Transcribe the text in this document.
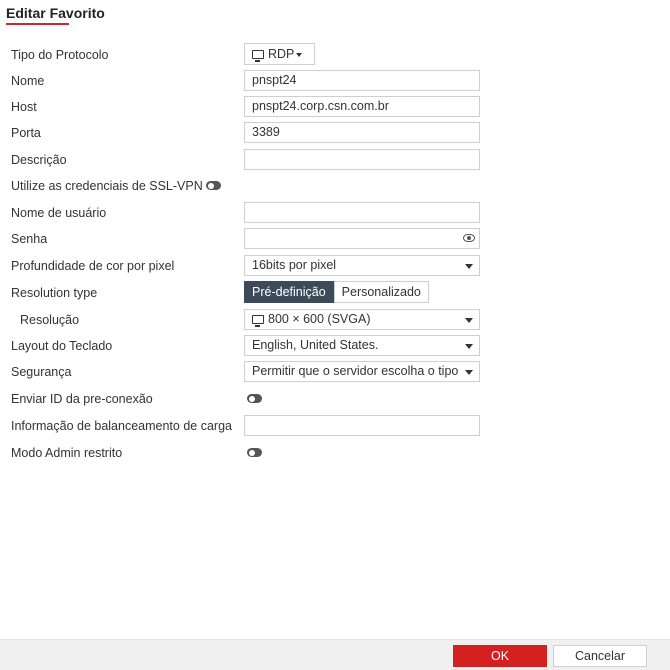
Editar Favorito
Tipo do Protocolo	RDP
Nome	pnspt24
Host	pnspt24.corp.csn.com.br
Porta	3389
Descrição
Utilize as credenciais de SSL-VPN
Nome de usuário
Senha
Profundidade de cor por pixel	16bits por pixel
Resolution type	Pré-definição	Personalizado
Resolução	800 × 600 (SVGA)
Layout do Teclado	English, United States.
Segurança	Permitir que o servidor escolha o tipo
Enviar ID da pre-conexão
Informação de balanceamento de carga
Modo Admin restrito
OK	Cancelar
